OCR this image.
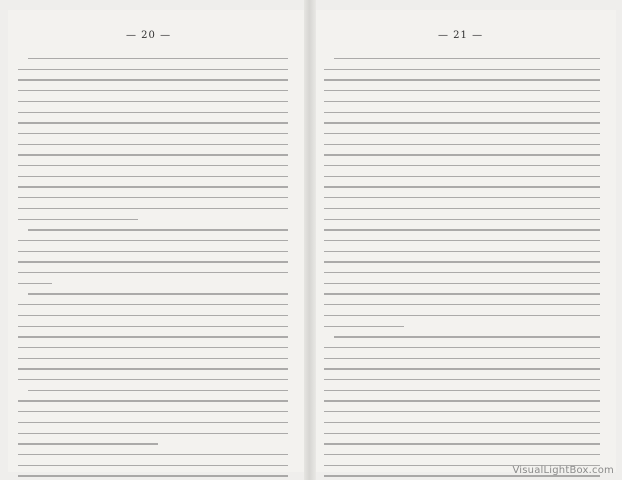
— 20 —	— 21 —
VisualLightBox.com
